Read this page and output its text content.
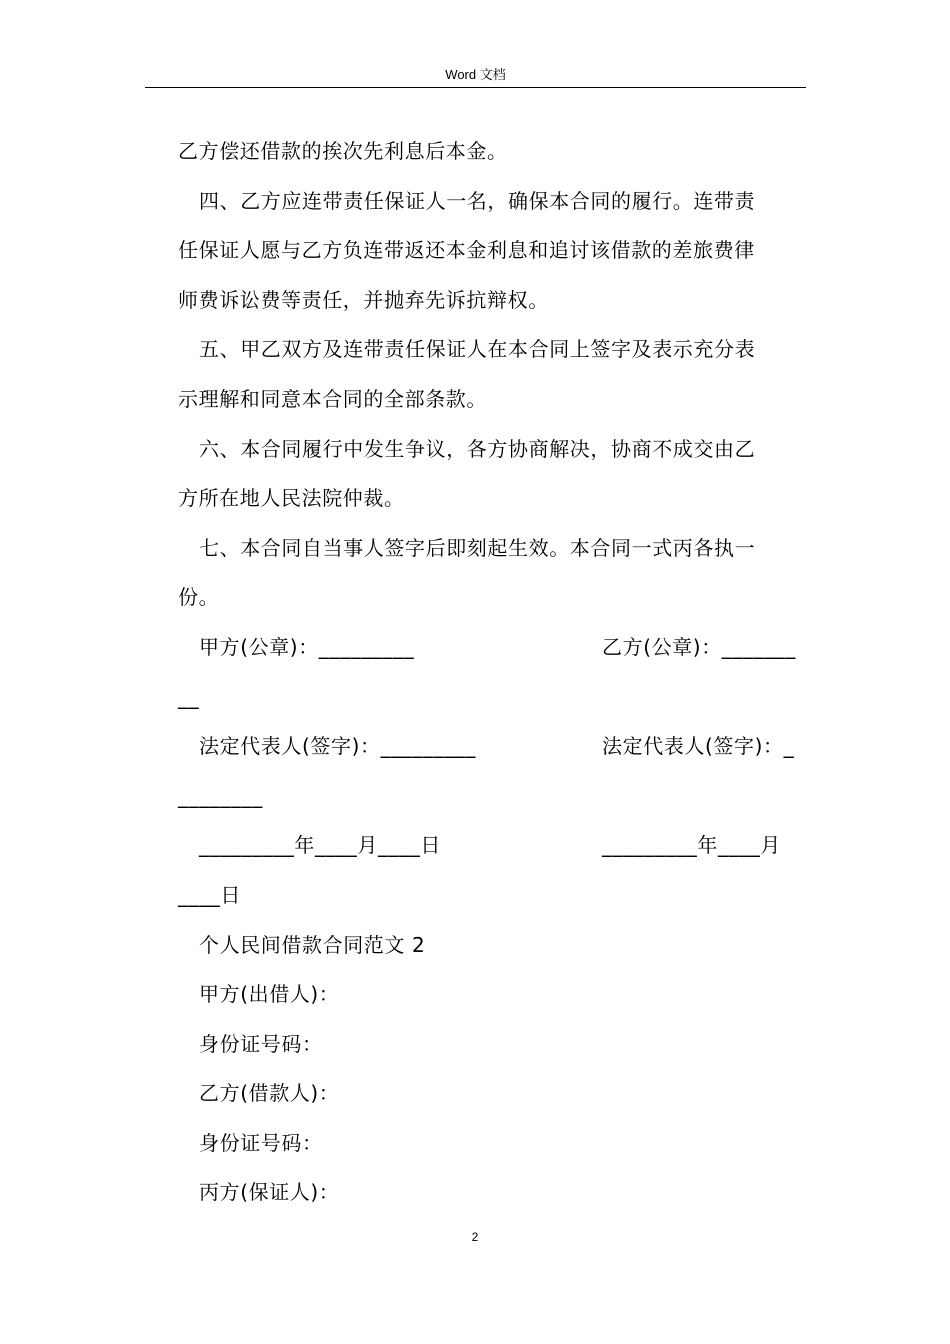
Word 文档

乙方偿还借款的挨次先利息后本金。

四、乙方应连带责任保证人一名，确保本合同的履行。连带责

任保证人愿与乙方负连带返还本金利息和追讨该借款的差旅费律

师费诉讼费等责任，并抛弃先诉抗辩权。

五、甲乙双方及连带责任保证人在本合同上签字及表示充分表

示理解和同意本合同的全部条款。

六、本合同履行中发生争议，各方协商解决，协商不成交由乙

方所在地人民法院仲裁。

七、本合同自当事人签字后即刻起生效。本合同一式丙各执一

份。

甲方(公章)：_________	乙方(公章)：_______

__

法定代表人(签字)：_________	法定代表人(签字)：_

________

_________年____月____日	_________年____月

____日

个人民间借款合同范文 2

甲方(出借人)：

身份证号码：

乙方(借款人)：

身份证号码：

丙方(保证人)：

2
